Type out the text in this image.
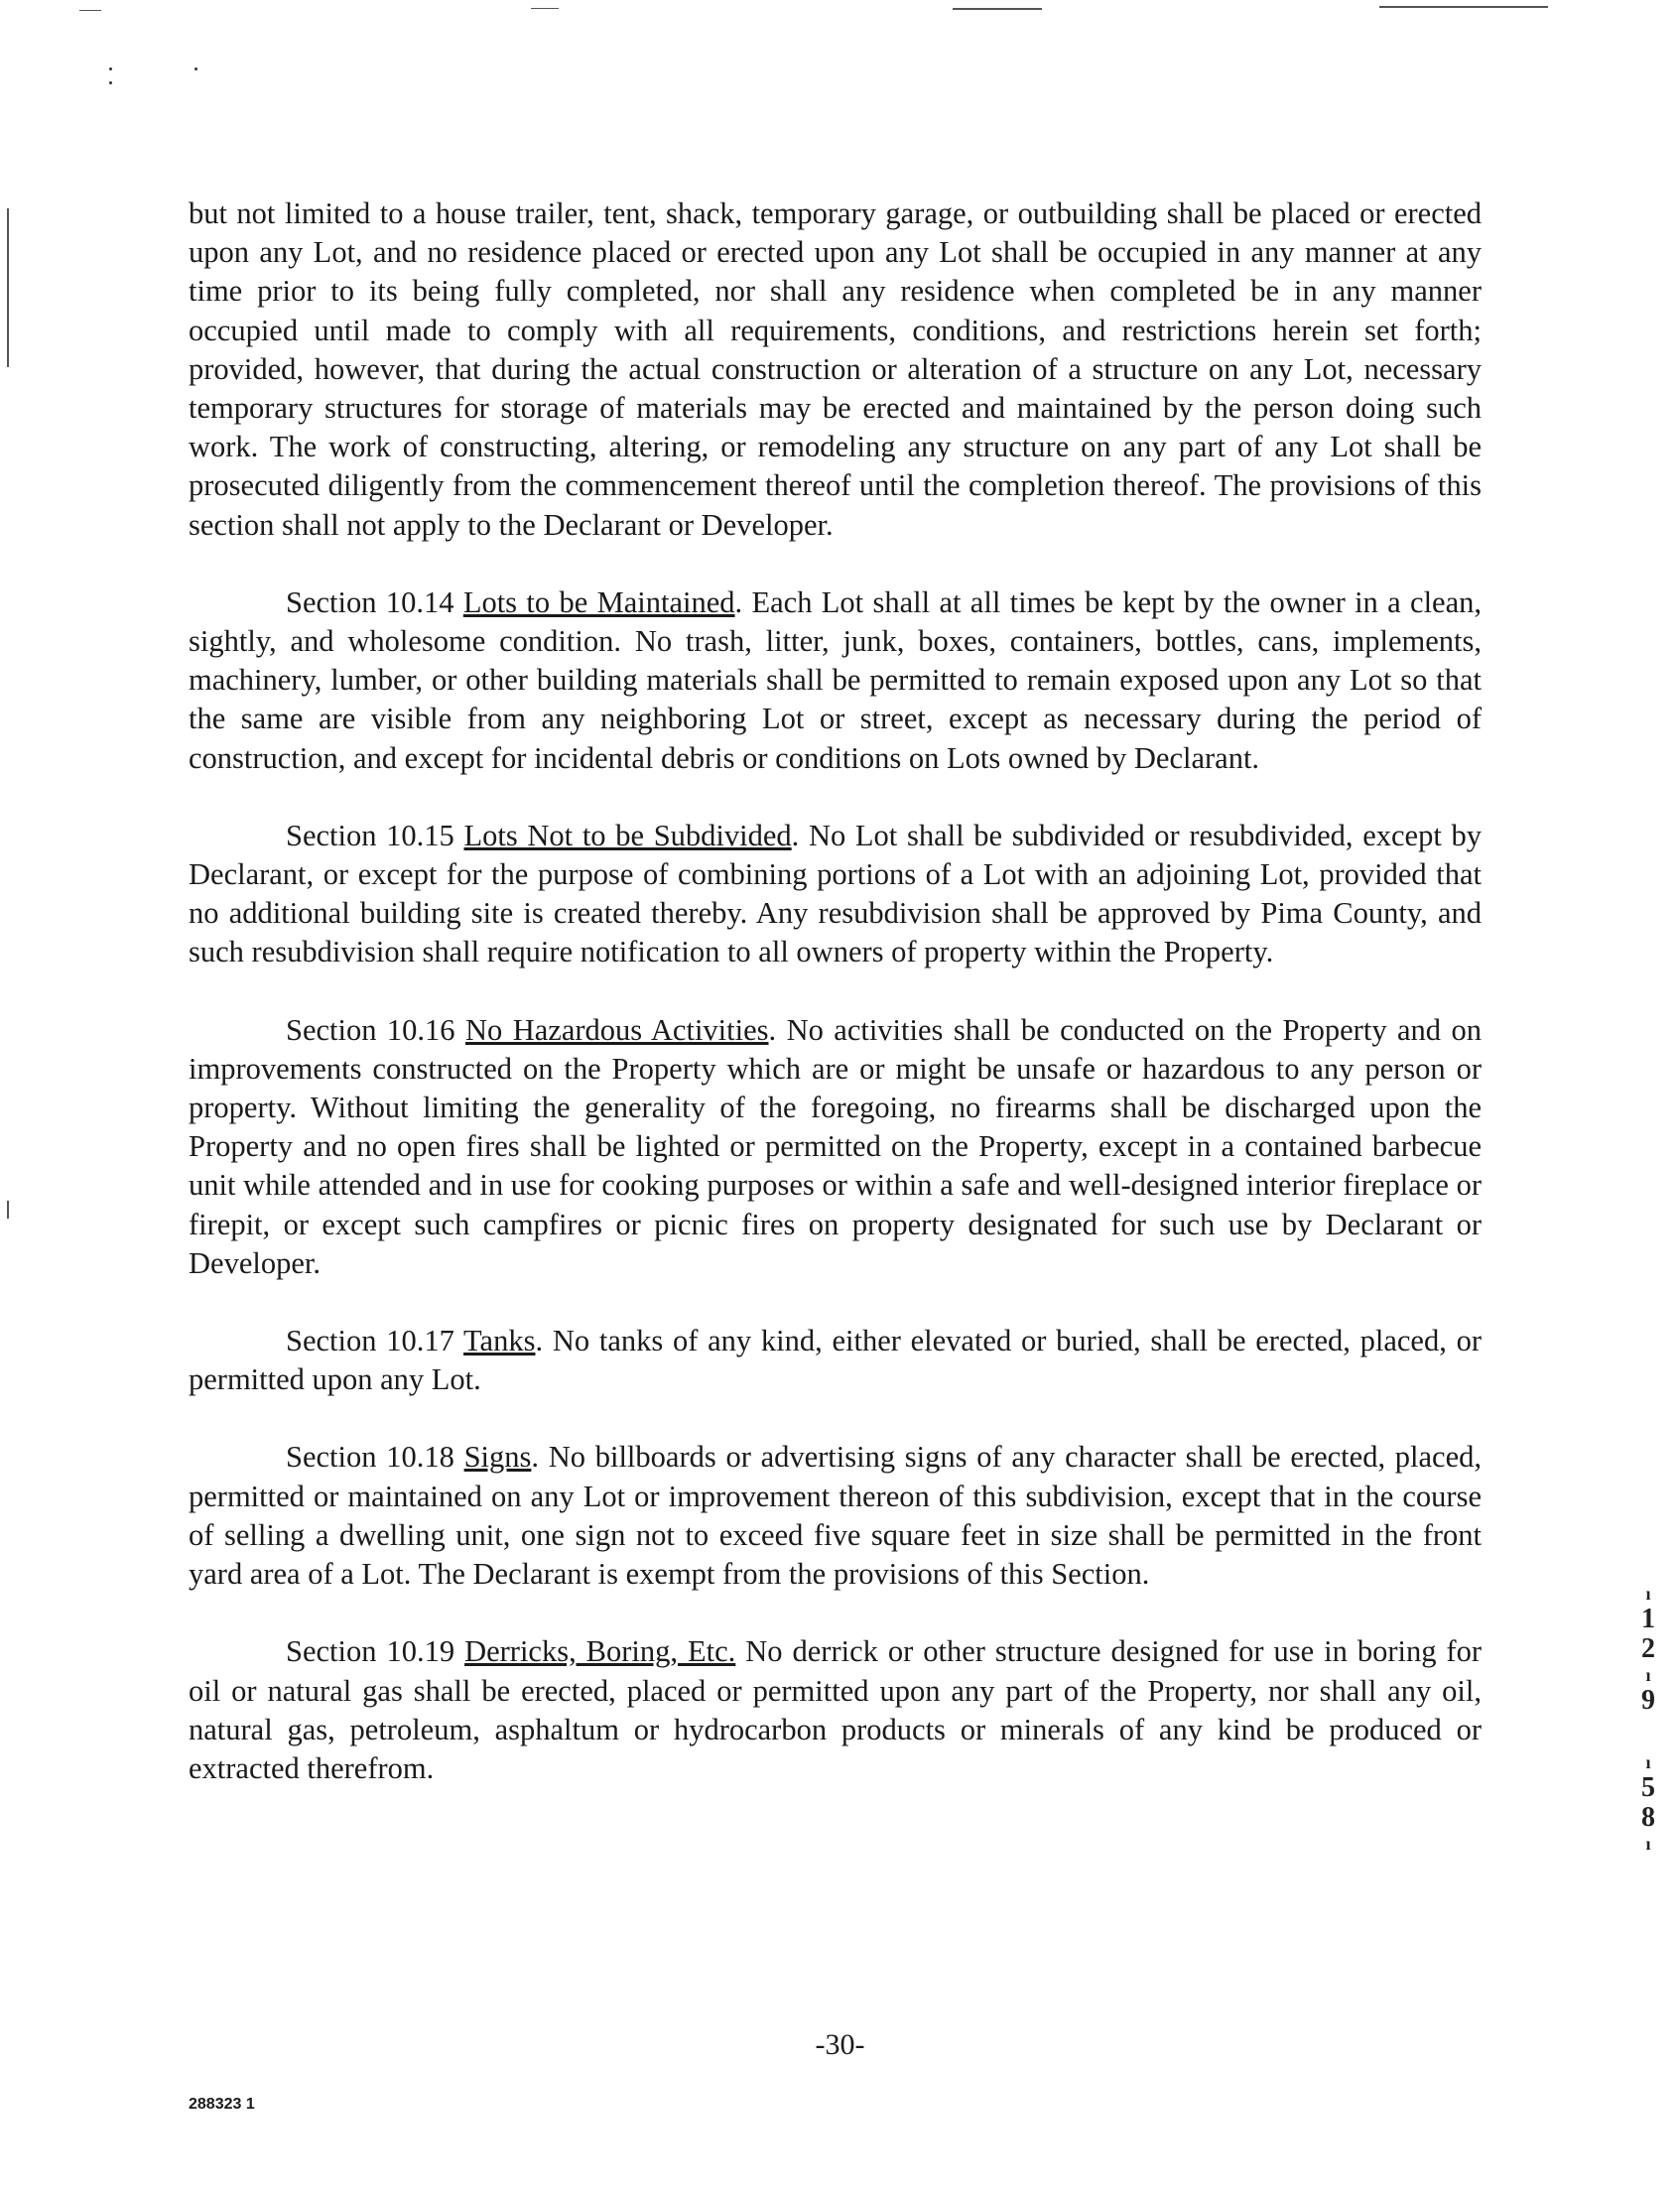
but not limited to a house trailer, tent, shack, temporary garage, or outbuilding shall be placed or erected upon any Lot, and no residence placed or erected upon any Lot shall be occupied in any manner at any time prior to its being fully completed, nor shall any residence when completed be in any manner occupied until made to comply with all requirements, conditions, and restrictions herein set forth; provided, however, that during the actual construction or alteration of a structure on any Lot, necessary temporary structures for storage of materials may be erected and maintained by the person doing such work. The work of constructing, altering, or remodeling any structure on any part of any Lot shall be prosecuted diligently from the commencement thereof until the completion thereof. The provisions of this section shall not apply to the Declarant or Developer.

Section 10.14 Lots to be Maintained. Each Lot shall at all times be kept by the owner in a clean, sightly, and wholesome condition. No trash, litter, junk, boxes, containers, bottles, cans, implements, machinery, lumber, or other building materials shall be permitted to remain exposed upon any Lot so that the same are visible from any neighboring Lot or street, except as necessary during the period of construction, and except for incidental debris or conditions on Lots owned by Declarant.

Section 10.15 Lots Not to be Subdivided. No Lot shall be subdivided or resubdivided, except by Declarant, or except for the purpose of combining portions of a Lot with an adjoining Lot, provided that no additional building site is created thereby. Any resubdivision shall be approved by Pima County, and such resubdivision shall require notification to all owners of property within the Property.

Section 10.16 No Hazardous Activities. No activities shall be conducted on the Property and on improvements constructed on the Property which are or might be unsafe or hazardous to any person or property. Without limiting the generality of the foregoing, no firearms shall be discharged upon the Property and no open fires shall be lighted or permitted on the Property, except in a contained barbecue unit while attended and in use for cooking purposes or within a safe and well-designed interior fireplace or firepit, or except such campfires or picnic fires on property designated for such use by Declarant or Developer.

Section 10.17 Tanks. No tanks of any kind, either elevated or buried, shall be erected, placed, or permitted upon any Lot.

Section 10.18 Signs. No billboards or advertising signs of any character shall be erected, placed, permitted or maintained on any Lot or improvement thereon of this subdivision, except that in the course of selling a dwelling unit, one sign not to exceed five square feet in size shall be permitted in the front yard area of a Lot. The Declarant is exempt from the provisions of this Section.

Section 10.19 Derricks, Boring, Etc. No derrick or other structure designed for use in boring for oil or natural gas shall be erected, placed or permitted upon any part of the Property, nor shall any oil, natural gas, petroleum, asphaltum or hydrocarbon products or minerals of any kind be produced or extracted therefrom.

ı
1
2
ı
9
ı
5
8
ı
-30-
288323 1
